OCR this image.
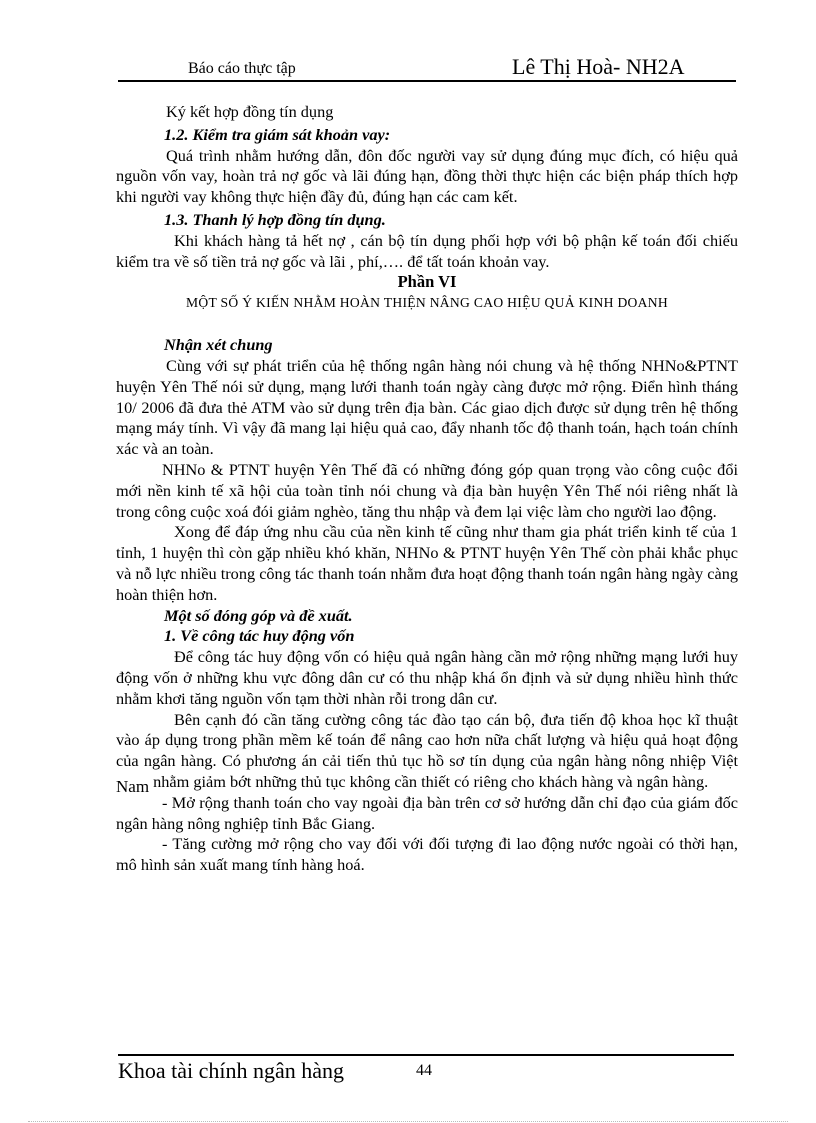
Báo cáo thực tập	Lê Thị Hoà- NH2A

Ký kết hợp đồng tín dụng

1.2. Kiểm tra giám sát khoản vay:

Quá trình nhằm hướng dẫn, đôn đốc người vay sử dụng đúng mục đích, có hiệu quả nguồn vốn vay, hoàn trả nợ gốc và lãi đúng hạn, đồng thời thực hiện các biện pháp thích hợp khi người vay không thực hiện đầy đủ, đúng hạn các cam kết.

1.3. Thanh lý hợp đồng tín dụng.

Khi khách hàng tả hết nợ , cán bộ tín dụng phối hợp với bộ phận kế toán đối chiếu kiểm tra về số tiền trả nợ gốc và lãi , phí,…. để tất toán khoản vay.

Phần VI

MỘT SỐ Ý KIẾN NHẰM HOÀN THIỆN NÂNG CAO HIỆU QUẢ KINH DOANH

Nhận xét chung

Cùng với sự phát triển của hệ thống ngân hàng nói chung và hệ thống NHNo&PTNT huyện Yên Thế nói sử dụng, mạng lưới thanh toán ngày càng được mở rộng. Điển hình tháng 10/ 2006 đã đưa thẻ ATM vào sử dụng trên địa bàn. Các giao dịch được sử dụng trên hệ thống mạng máy tính. Vì vậy đã mang lại hiệu quả cao, đẩy nhanh tốc độ thanh toán, hạch toán chính xác và an toàn.

NHNo & PTNT huyện Yên Thế đã có những đóng góp quan trọng vào công cuộc đổi mới nền kinh tế xã hội của toàn tỉnh nói chung và địa bàn huyện Yên Thế nói riêng nhất là trong công cuộc xoá đói giảm nghèo, tăng thu nhập và đem lại việc làm cho người lao động.

Xong để đáp ứng nhu cầu của nền kinh tế cũng như tham gia phát triển kinh tế của 1 tỉnh, 1 huyện thì còn gặp nhiều khó khăn, NHNo & PTNT huyện Yên Thế còn phải khắc phục và nỗ lực nhiều trong công tác thanh toán nhằm đưa hoạt động thanh toán ngân hàng ngày càng hoàn thiện hơn.

Một số đóng góp và đề xuất.

1. Về công tác huy động vốn

Để công tác huy động vốn có hiệu quả ngân hàng cần mở rộng những mạng lưới huy động vốn ở những khu vực đông dân cư có thu nhập khá ổn định và sử dụng nhiều hình thức nhằm khơi tăng nguồn vốn tạm thời nhàn rỗi trong dân cư.

Bên cạnh đó cần tăng cường công tác đào tạo cán bộ, đưa tiến độ khoa học kĩ thuật vào áp dụng trong phần mềm kế toán để nâng cao hơn nữa chất lượng và hiệu quả hoạt động của ngân hàng. Có phương án cải tiến thủ tục hồ sơ tín dụng của ngân hàng nông nhiệp Việt Nam nhằm giảm bớt những thủ tục không cần thiết có riêng cho khách hàng và ngân hàng.

- Mở rộng thanh toán cho vay ngoài địa bàn trên cơ sở hướng dẫn chỉ đạo của giám đốc ngân hàng nông nghiệp tỉnh Bắc Giang.

- Tăng cường mở rộng cho vay đối với đối tượng đi lao động nước ngoài có thời hạn, mô hình sản xuất mang tính hàng hoá.

Khoa tài chính ngân hàng	44
